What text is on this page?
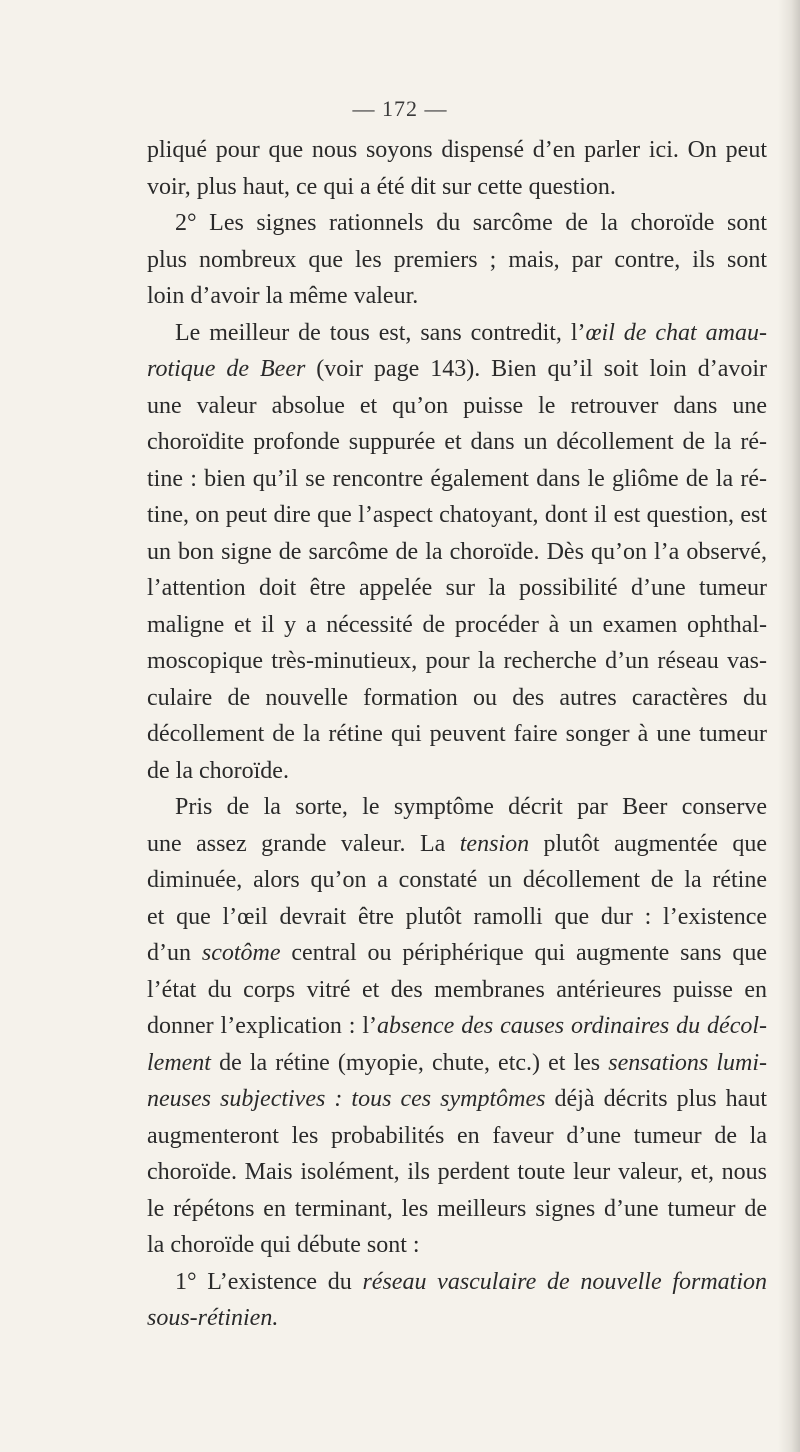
— 172 —
pliqué pour que nous soyons dispensé d’en parler ici. On peut
voir, plus haut, ce qui a été dit sur cette question.
2° Les signes rationnels du sarcôme de la choroïde sont
plus nombreux que les premiers ; mais, par contre, ils sont
loin d’avoir la même valeur.
Le meilleur de tous est, sans contredit, l’œil de chat amau-
rotique de Beer (voir page 143). Bien qu’il soit loin d’avoir
une valeur absolue et qu’on puisse le retrouver dans une
choroïdite profonde suppurée et dans un décollement de la ré-
tine : bien qu’il se rencontre également dans le gliôme de la ré-
tine, on peut dire que l’aspect chatoyant, dont il est question, est
un bon signe de sarcôme de la choroïde. Dès qu’on l’a observé,
l’attention doit être appelée sur la possibilité d’une tumeur
maligne et il y a nécessité de procéder à un examen ophthal-
moscopique très-minutieux, pour la recherche d’un réseau vas-
culaire de nouvelle formation ou des autres caractères du
décollement de la rétine qui peuvent faire songer à une tumeur
de la choroïde.
Pris de la sorte, le symptôme décrit par Beer conserve
une assez grande valeur. La tension plutôt augmentée que
diminuée, alors qu’on a constaté un décollement de la rétine
et que l’œil devrait être plutôt ramolli que dur : l’existence
d’un scotôme central ou périphérique qui augmente sans que
l’état du corps vitré et des membranes antérieures puisse en
donner l’explication : l’absence des causes ordinaires du décol-
lement de la rétine (myopie, chute, etc.) et les sensations lumi-
neuses subjectives : tous ces symptômes déjà décrits plus haut
augmenteront les probabilités en faveur d’une tumeur de la
choroïde. Mais isolément, ils perdent toute leur valeur, et, nous
le répétons en terminant, les meilleurs signes d’une tumeur de
la choroïde qui débute sont :
1° L’existence du réseau vasculaire de nouvelle formation
sous-rétinien.
